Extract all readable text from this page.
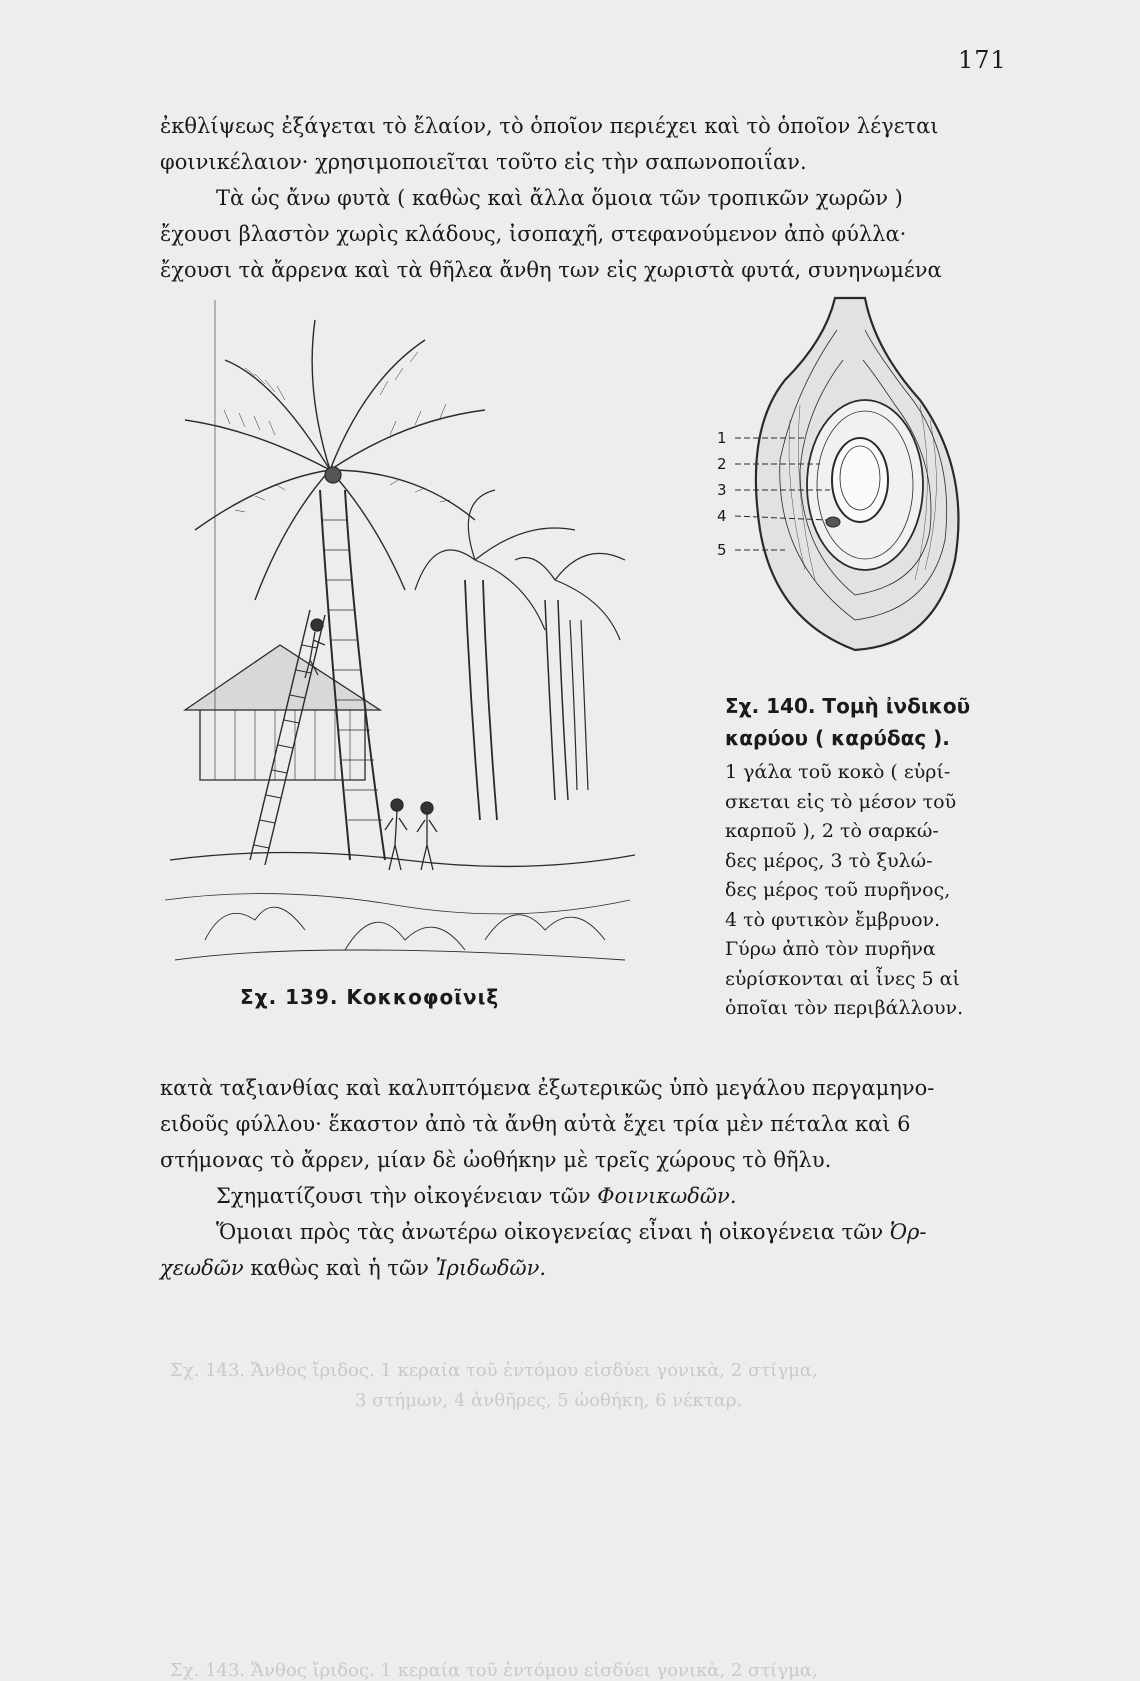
Σχ. 143. Ἄνθος ἴριδος. 1 κεραία τοῦ ἐντόμου εἰσδύει γονικὰ, 2 στίγμα,
171

ἐκθλίψεως ἐξάγεται τὸ ἔλαίον, τὸ ὁποῖον περιέχει καὶ τὸ ὁποῖον λέγεται
φοινικέλαιον· χρησιμοποιεῖται τοῦτο εἰς τὴν σαπωνοποιΐαν.
Τὰ ὡς ἄνω φυτὰ ( καθὼς καὶ ἄλλα ὅμοια τῶν τροπικῶν χωρῶν )
ἔχουσι βλαστὸν χωρὶς κλάδους, ἰσοπαχῆ, στεφανούμενον ἀπὸ φύλλα·
ἔχουσι τὰ ἄρρενα καὶ τὰ θῆλεα ἄνθη των εἰς χωριστὰ φυτά, συνηνωμένα

1
2
3
4
5
Σχ. 140. Τομὴ ἰνδικοῦ
καρύου ( καρύδας ).
1 γάλα τοῦ κοκὸ ( εὑρί-
σκεται εἰς τὸ μέσον τοῦ
καρποῦ ), 2 τὸ σαρκώ-
δες μέρος, 3 τὸ ξυλώ-
δες μέρος τοῦ πυρῆνος,
4 τὸ φυτικὸν ἔμβρυον.
Γύρω ἀπὸ τὸν πυρῆνα
εὑρίσκονται αἱ ἶνες 5 αἱ
ὁποῖαι τὸν περιβάλλουν.
Σχ. 139. Κοκκοφοῖνιξ

κατὰ ταξιανθίας καὶ καλυπτόμενα ἐξωτερικῶς ὑπὸ μεγάλου περγαμηνο-
ειδοῦς φύλλου· ἕκαστον ἀπὸ τὰ ἄνθη αὐτὰ ἔχει τρία μὲν πέταλα καὶ 6
στήμονας τὸ ἄρρεν, μίαν δὲ ὠοθήκην μὲ τρεῖς χώρους τὸ θῆλυ.
Σχηματίζουσι τὴν οἰκογένειαν τῶν Φοινικωδῶν.
Ὅμοιαι πρὸς τὰς ἀνωτέρω οἰκογενείας εἶναι ἡ οἰκογένεια τῶν Ὀρ-
χεωδῶν καθὼς καὶ ἡ τῶν Ἰριδωδῶν.

Σχ. 143. Ἄνθος ἴριδος. 1 κεραία τοῦ ἐντόμου εἰσδύει γονικὰ, 2 στίγμα,
3 στήμων, 4 ἀνθῆρες, 5 ὠοθήκη, 6 νέκταρ.
